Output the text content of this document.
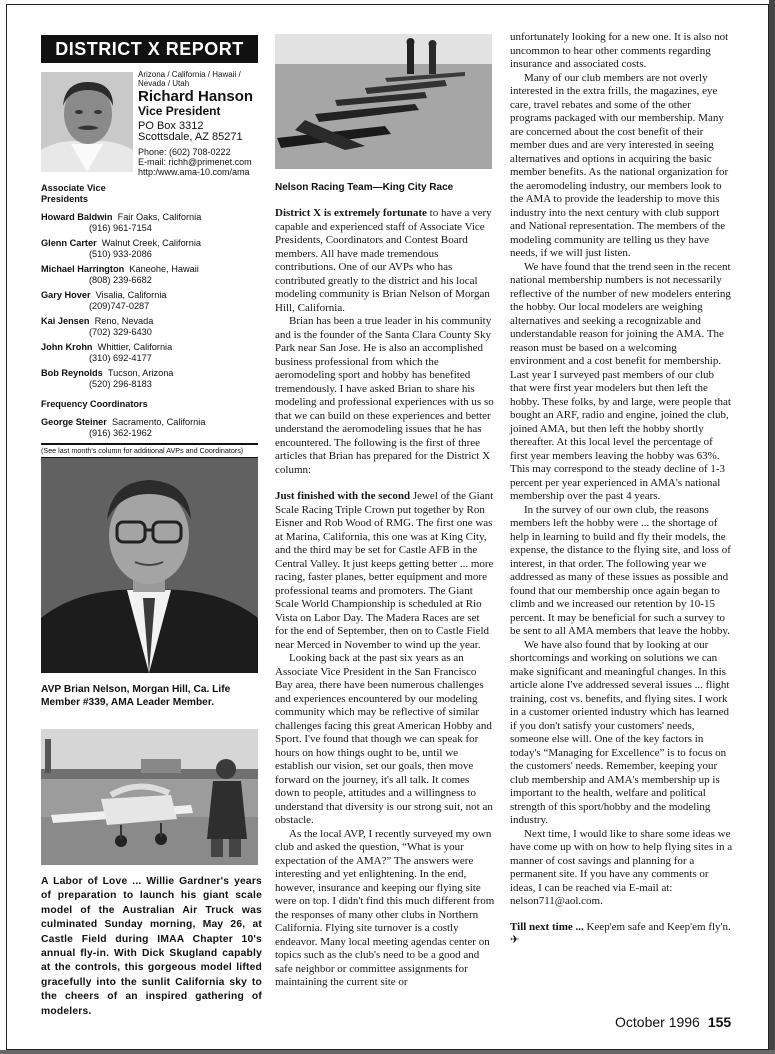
DISTRICT X REPORT
Arizona / California / Hawaii / Nevada / Utah
Richard Hanson
Vice President
PO Box 3312
Scottsdale, AZ 85271
Phone: (602) 708-0222
E-mail: richh@primenet.com
http:/www.ama-10.com/ama
Associate Vice Presidents
Howard Baldwin Fair Oaks, California
(916) 961-7154
Glenn Carter Walnut Creek, California
(510) 933-2086
Michael Harrington Kaneohe, Hawaii
(808) 239-6682
Gary Hover Visalia, California
(209)747-0287
Kai Jensen Reno, Nevada
(702) 329-6430
John Krohn Whittier, California
(310) 692-4177
Bob Reynolds Tucson, Arizona
(520) 296-8183
Frequency Coordinators
George Steiner Sacramento, California
(916) 362-1962
(See last month's column for additional AVPs and Coordinators)
AVP Brian Nelson, Morgan Hill, Ca. Life Member #339, AMA Leader Member.
A Labor of Love ... Willie Gardner's years of preparation to launch his giant scale model of the Australian Air Truck was culminated Sunday morning, May 26, at Castle Field during IMAA Chapter 10's annual fly-in. With Dick Skugland capably at the controls, this gorgeous model lifted gracefully into the sunlit California sky to the cheers of an inspired gathering of modelers.
Nelson Racing Team—King City Race

District X is extremely fortunate to have a very capable and experienced staff of Associate Vice Presidents, Coordinators and Contest Board members. All have made tremendous contributions. One of our AVPs who has contributed greatly to the district and his local modeling community is Brian Nelson of Morgan Hill, California.

Brian has been a true leader in his community and is the founder of the Santa Clara County Sky Park near San Jose. He is also an accomplished business professional from which the aeromodeling sport and hobby has benefited tremendously. I have asked Brian to share his modeling and professional experiences with us so that we can build on these experiences and better understand the aeromodeling issues that he has encountered. The following is the first of three articles that Brian has prepared for the District X column:

Just finished with the second Jewel of the Giant Scale Racing Triple Crown put together by Ron Eisner and Rob Wood of RMG. The first one was at Marina, California, this one was at King City, and the third may be set for Castle AFB in the Central Valley. It just keeps getting better ... more racing, faster planes, better equipment and more professional teams and promoters. The Giant Scale World Championship is scheduled at Rio Vista on Labor Day. The Madera Races are set for the end of September, then on to Castle Field near Merced in November to wind up the year.

Looking back at the past six years as an Associate Vice President in the San Francisco Bay area, there have been numerous challenges and experiences encountered by our modeling community which may be reflective of similar challenges facing this great American Hobby and Sport. I've found that though we can speak for hours on how things ought to be, until we establish our vision, set our goals, then move forward on the journey, it's all talk. It comes down to people, attitudes and a willingness to understand that diversity is our strong suit, not an obstacle.

As the local AVP, I recently surveyed my own club and asked the question, “What is your expectation of the AMA?” The answers were interesting and yet enlightening. In the end, however, insurance and keeping our flying site were on top. I didn't find this much different from the responses of many other clubs in Northern California. Flying site turnover is a costly endeavor. Many local meeting agendas center on topics such as the club's need to be a good and safe neighbor or committee assignments for maintaining the current site or

unfortunately looking for a new one. It is also not uncommon to hear other comments regarding insurance and associated costs.

Many of our club members are not overly interested in the extra frills, the magazines, eye care, travel rebates and some of the other programs packaged with our membership. Many are concerned about the cost benefit of their member dues and are very interested in seeing alternatives and options in acquiring the basic member benefits. As the national organization for the aeromodeling industry, our members look to the AMA to provide the leadership to move this industry into the next century with club support and National representation. The members of the modeling community are telling us they have needs, if we will just listen.

We have found that the trend seen in the recent national membership numbers is not necessarily reflective of the number of new modelers entering the hobby. Our local modelers are weighing alternatives and seeking a recognizable and understandable reason for joining the AMA. The reason must be based on a welcoming environment and a cost benefit for membership. Last year I surveyed past members of our club that were first year modelers but then left the hobby. These folks, by and large, were people that bought an ARF, radio and engine, joined the club, joined AMA, but then left the hobby shortly thereafter. At this local level the percentage of first year members leaving the hobby was 63%. This may correspond to the steady decline of 1-3 percent per year experienced in AMA's national membership over the past 4 years.

In the survey of our own club, the reasons members left the hobby were ... the shortage of help in learning to build and fly their models, the expense, the distance to the flying site, and loss of interest, in that order. The following year we addressed as many of these issues as possible and found that our membership once again began to climb and we increased our retention by 10-15 percent. It may be beneficial for such a survey to be sent to all AMA members that leave the hobby.

We have also found that by looking at our shortcomings and working on solutions we can make significant and meaningful changes. In this article alone I've addressed several issues ... flight training, cost vs. benefits, and flying sites. I work in a customer oriented industry which has learned if you don't satisfy your customers' needs, someone else will. One of the key factors in today's “Managing for Excellence” is to focus on the customers' needs. Remember, keeping your club membership and AMA's membership up is important to the health, welfare and political strength of this sport/hobby and the modeling industry.

Next time, I would like to share some ideas we have come up with on how to help flying sites in a manner of cost savings and planning for a permanent site. If you have any comments or ideas, I can be reached via E-mail at: nelson711@aol.com.

Till next time ... Keep'em safe and Keep'em fly'n. ✈

October 1996 155
